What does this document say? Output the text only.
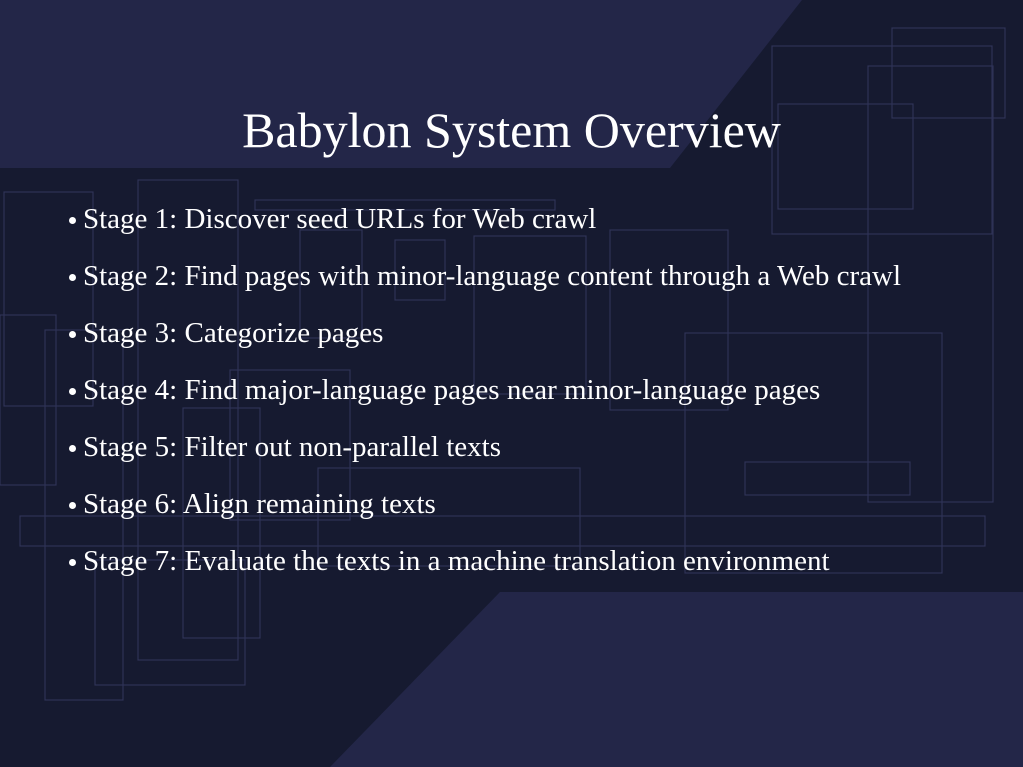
Babylon System Overview
Stage 1: Discover seed URLs for Web crawl
Stage 2: Find pages with minor-language content through a Web crawl
Stage 3: Categorize pages
Stage 4: Find major-language pages near minor-language pages
Stage 5: Filter out non-parallel texts
Stage 6: Align remaining texts
Stage 7: Evaluate the texts in a machine translation environment
